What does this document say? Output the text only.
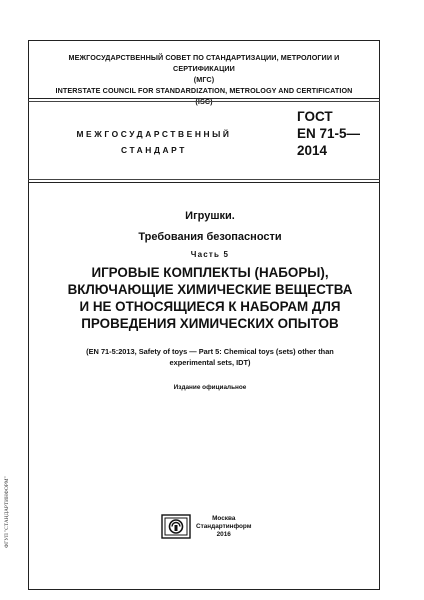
МЕЖГОСУДАРСТВЕННЫЙ СОВЕТ ПО СТАНДАРТИЗАЦИИ, МЕТРОЛОГИИ И СЕРТИФИКАЦИИ
(МГС)
INTERSTATE COUNCIL FOR STANDARDIZATION, METROLOGY AND CERTIFICATION
(ISC)
МЕЖГОСУДАРСТВЕННЫЙ
СТАНДАРТ
ГОСТ
EN 71-5—
2014
Игрушки.
Требования безопасности
Часть 5
ИГРОВЫЕ КОМПЛЕКТЫ (НАБОРЫ),
ВКЛЮЧАЮЩИЕ ХИМИЧЕСКИЕ ВЕЩЕСТВА
И НЕ ОТНОСЯЩИЕСЯ К НАБОРАМ ДЛЯ
ПРОВЕДЕНИЯ ХИМИЧЕСКИХ ОПЫТОВ
(EN 71-5:2013, Safety of toys — Part 5: Chemical toys (sets) other than
experimental sets, IDT)
Издание официальное
Москва
Стандартинформ
2016
ФГУП "СТАНДАРТИНФОРМ"
